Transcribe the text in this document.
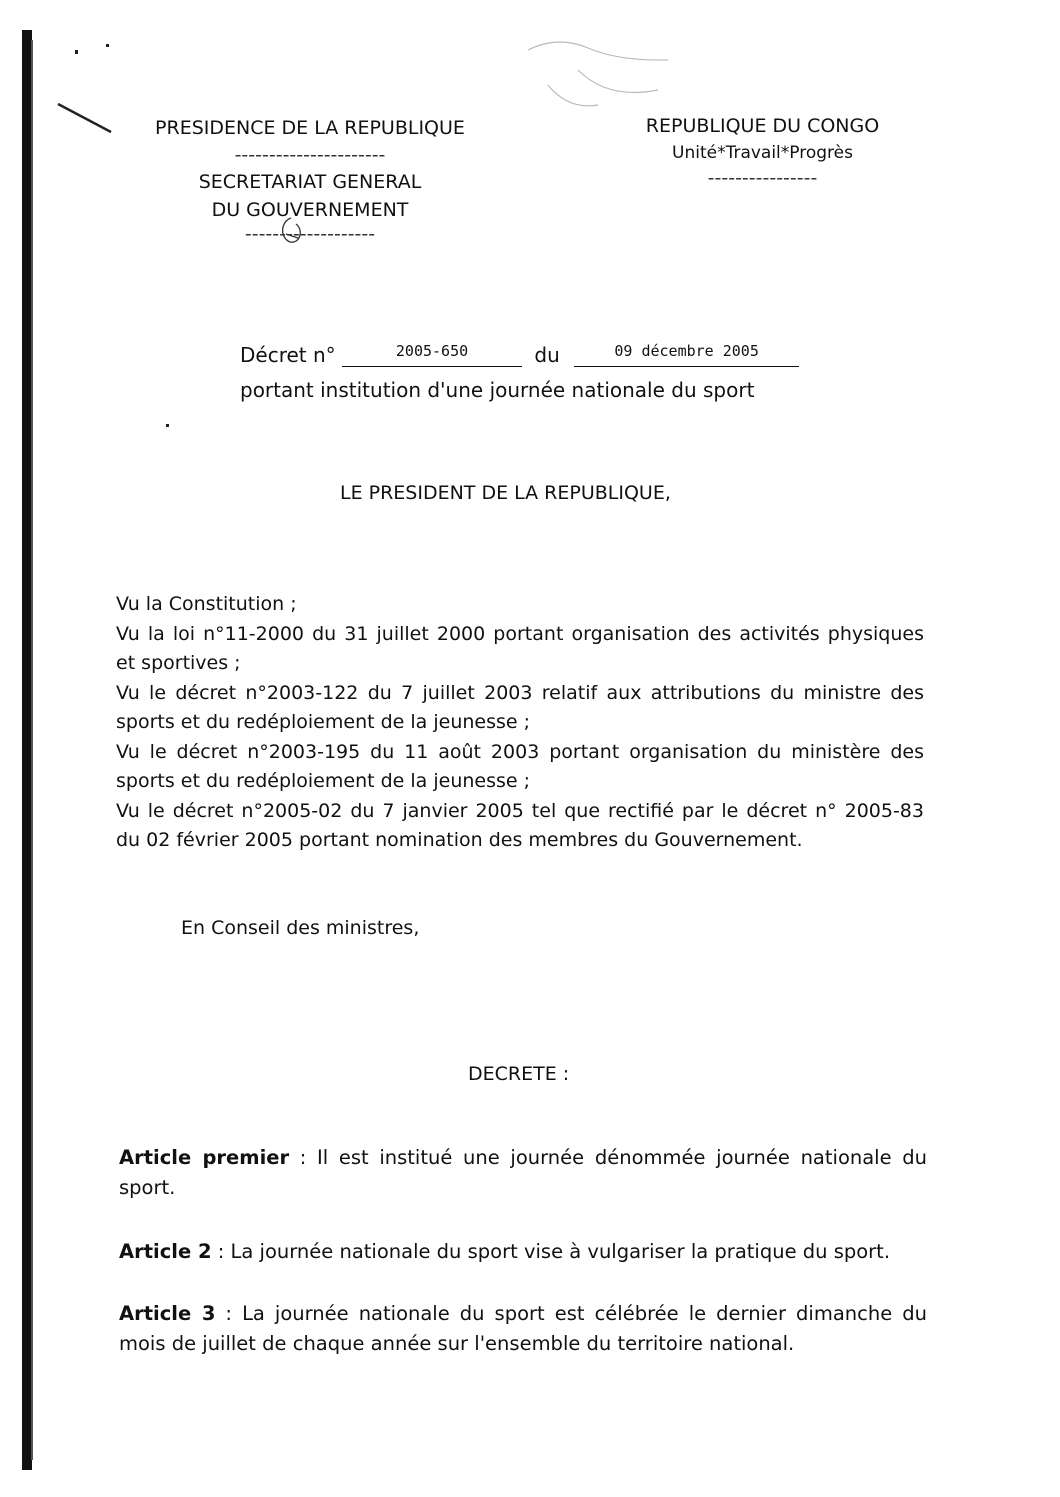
PRESIDENCE DE LA REPUBLIQUE
----------------------
SECRETARIAT GENERAL
DU GOUVERNEMENT
-------------------
REPUBLIQUE DU CONGO
Unité*Travail*Progrès
----------------
Décret n°	2005-650	du	09 décembre 2005
portant institution d'une journée nationale du sport
LE PRESIDENT DE LA REPUBLIQUE,
Vu la Constitution ;
Vu la loi n°11-2000 du 31 juillet 2000 portant organisation des activités physiques et sportives ;
Vu le décret n°2003-122 du 7 juillet 2003 relatif aux attributions du ministre des sports et du redéploiement de la jeunesse ;
Vu le décret n°2003-195 du 11 août 2003 portant organisation du ministère des sports et du redéploiement de la jeunesse ;
Vu le décret n°2005-02 du 7 janvier 2005 tel que rectifié par le décret n° 2005-83 du 02 février 2005 portant nomination des membres du Gouvernement.
En Conseil des ministres,
DECRETE :
Article premier : Il est institué une journée dénommée journée nationale du sport.
Article 2 : La journée nationale du sport vise à vulgariser la pratique du sport.
Article 3 : La journée nationale du sport est célébrée le dernier dimanche du mois de juillet de chaque année sur l'ensemble du territoire national.
